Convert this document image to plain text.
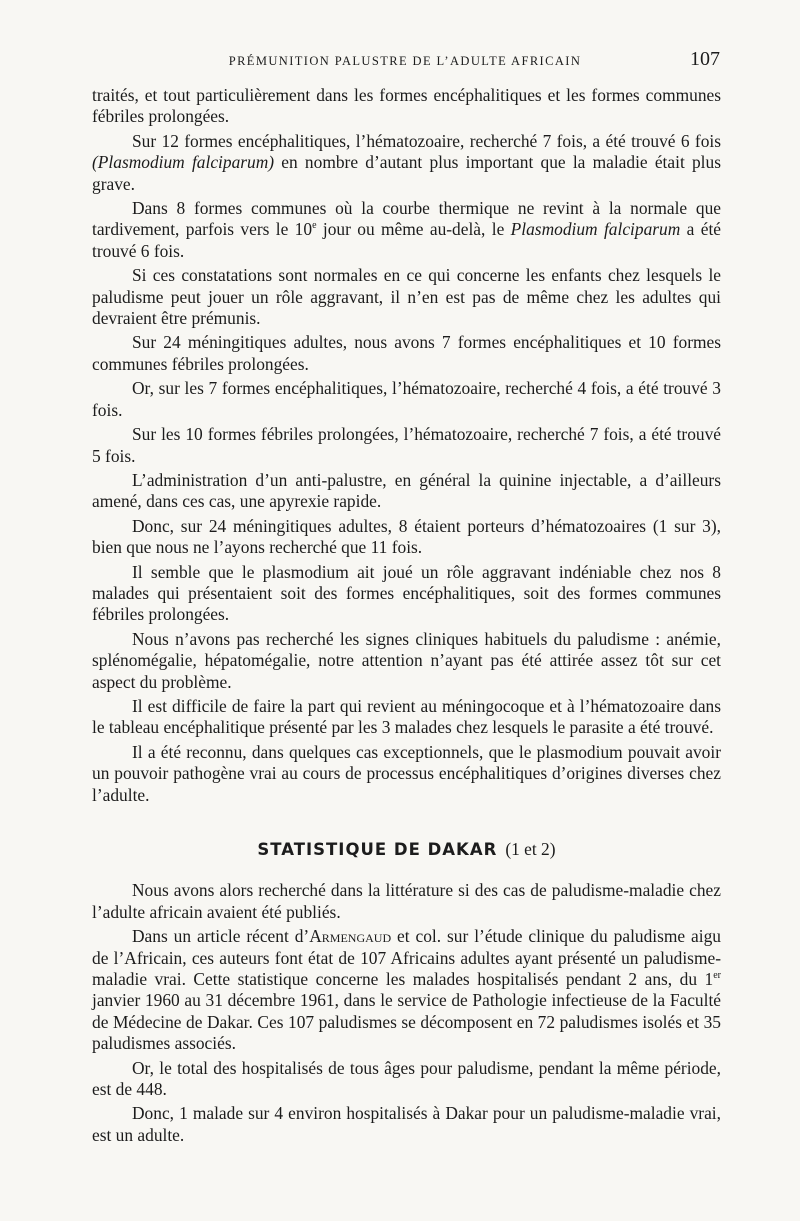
PRÉMUNITION PALUSTRE DE L’ADULTE AFRICAIN	107

traités, et tout particulièrement dans les formes encéphalitiques et les formes communes fébriles prolongées.

Sur 12 formes encéphalitiques, l’hématozoaire, recherché 7 fois, a été trouvé 6 fois (Plasmodium falciparum) en nombre d’autant plus important que la maladie était plus grave.

Dans 8 formes communes où la courbe thermique ne revint à la normale que tardivement, parfois vers le 10e jour ou même au-delà, le Plasmodium falciparum a été trouvé 6 fois.

Si ces constatations sont normales en ce qui concerne les enfants chez lesquels le paludisme peut jouer un rôle aggravant, il n’en est pas de même chez les adultes qui devraient être prémunis.

Sur 24 méningitiques adultes, nous avons 7 formes encéphalitiques et 10 formes communes fébriles prolongées.

Or, sur les 7 formes encéphalitiques, l’hématozoaire, recherché 4 fois, a été trouvé 3 fois.

Sur les 10 formes fébriles prolongées, l’hématozoaire, recherché 7 fois, a été trouvé 5 fois.

L’administration d’un anti-palustre, en général la quinine injectable, a d’ailleurs amené, dans ces cas, une apyrexie rapide.

Donc, sur 24 méningitiques adultes, 8 étaient porteurs d’hématozoaires (1 sur 3), bien que nous ne l’ayons recherché que 11 fois.

Il semble que le plasmodium ait joué un rôle aggravant indéniable chez nos 8 malades qui présentaient soit des formes encéphalitiques, soit des formes communes fébriles prolongées.

Nous n’avons pas recherché les signes cliniques habituels du paludisme : anémie, splénomégalie, hépatomégalie, notre attention n’ayant pas été attirée assez tôt sur cet aspect du problème.

Il est difficile de faire la part qui revient au méningocoque et à l’hématozoaire dans le tableau encéphalitique présenté par les 3 malades chez lesquels le parasite a été trouvé.

Il a été reconnu, dans quelques cas exceptionnels, que le plasmodium pouvait avoir un pouvoir pathogène vrai au cours de processus encéphalitiques d’origines diverses chez l’adulte.

STATISTIQUE DE DAKAR (1 et 2)

Nous avons alors recherché dans la littérature si des cas de paludisme-maladie chez l’adulte africain avaient été publiés.

Dans un article récent d’Armengaud et col. sur l’étude clinique du paludisme aigu de l’Africain, ces auteurs font état de 107 Africains adultes ayant présenté un paludisme-maladie vrai. Cette statistique concerne les malades hospitalisés pendant 2 ans, du 1er janvier 1960 au 31 décembre 1961, dans le service de Pathologie infectieuse de la Faculté de Médecine de Dakar. Ces 107 paludismes se décomposent en 72 paludismes isolés et 35 paludismes associés.

Or, le total des hospitalisés de tous âges pour paludisme, pendant la même période, est de 448.

Donc, 1 malade sur 4 environ hospitalisés à Dakar pour un paludisme-maladie vrai, est un adulte.
